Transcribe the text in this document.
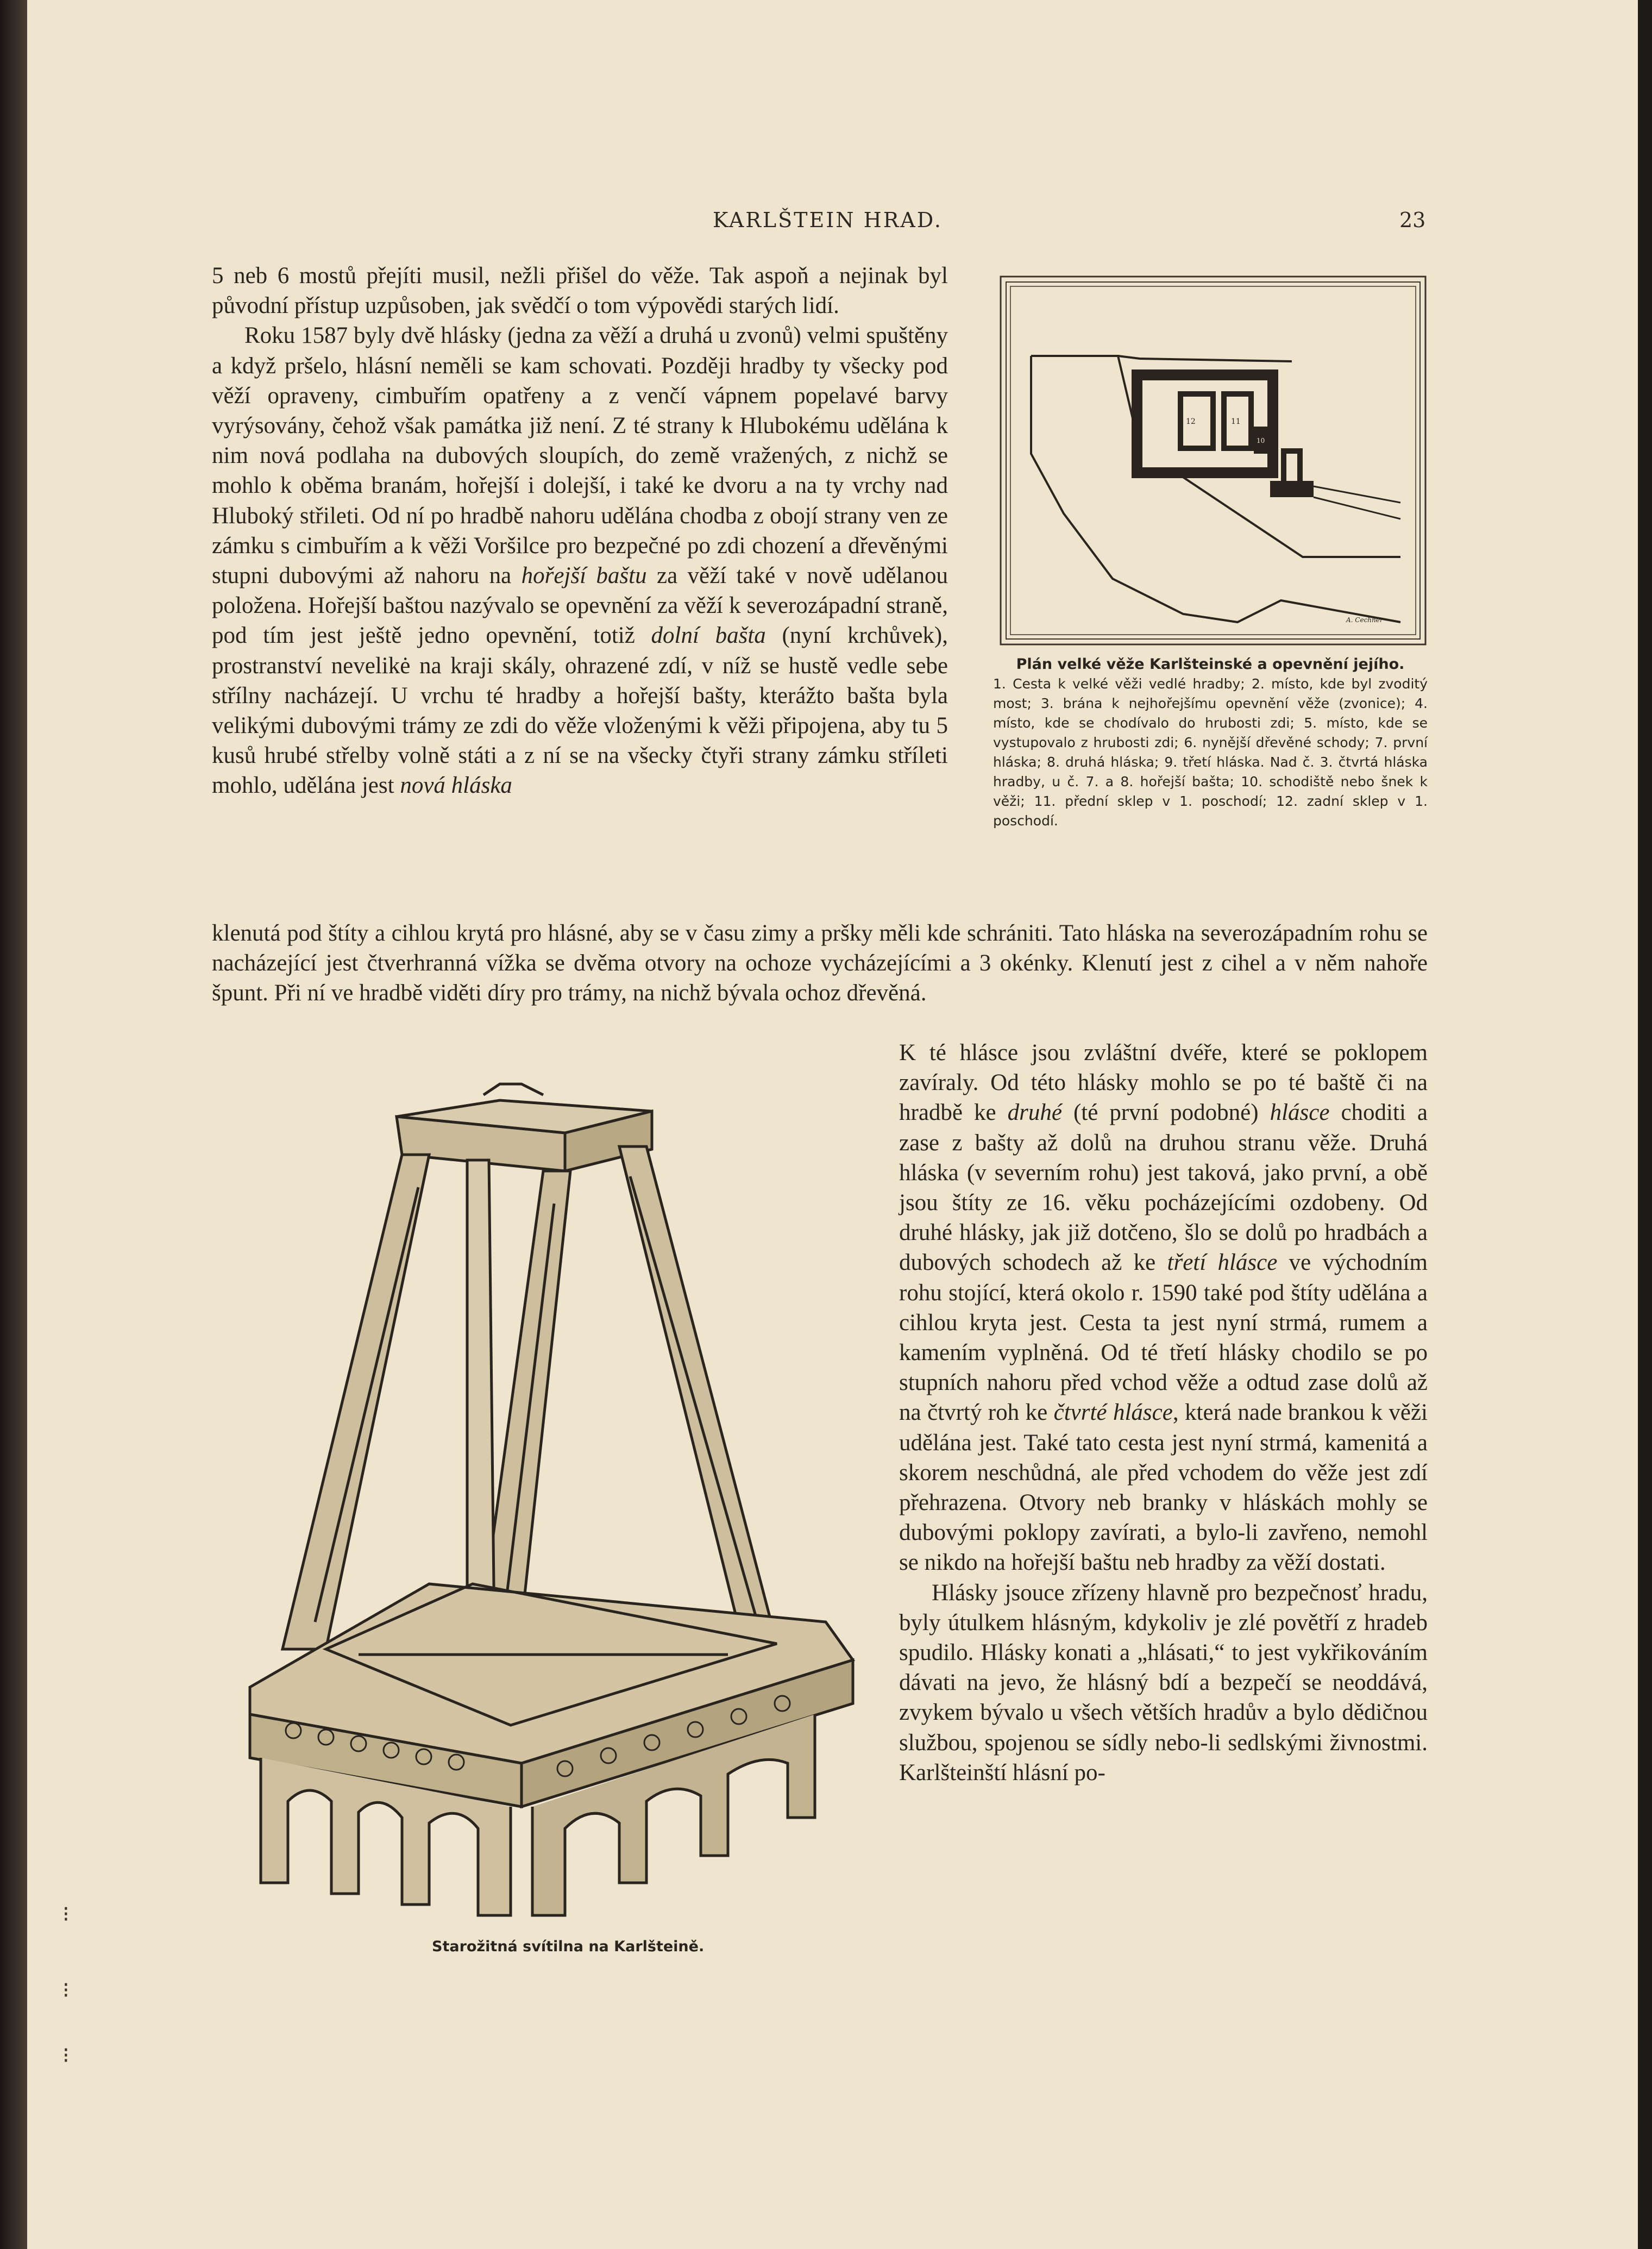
KARLŠTEIN HRAD.	23

5 neb 6 mostů přejíti musil, nežli přišel do věže. Tak aspoň a nejinak byl původní přístup uzpůsoben, jak svědčí o tom výpovědi starých lidí.

Roku 1587 byly dvě hlásky (jedna za věží a druhá u zvonů) velmi spuštěny a když pršelo, hlásní neměli se kam schovati. Později hradby ty všecky pod věží opraveny, cimbuřím opatřeny a z venčí vápnem popelavé barvy vyrýsovány, čehož však památka již není. Z té strany k Hlubokému udělána k nim nová podlaha na dubových sloupích, do země vražených, z nichž se mohlo k oběma branám, hořejší i dolejší, i také ke dvoru a na ty vrchy nad Hluboký střileti. Od ní po hradbě nahoru udělána chodba z obojí strany ven ze zámku s cimbuřím a k věži Voršilce pro bezpečné po zdi chození a dřevěnými stupni dubovými až nahoru na hořejší baštu za věží také v nově udělanou položena. Hořejší baštou nazývalo se opevnění za věží k severozápadní straně, pod tím jest ještě jedno opevnění, totiž dolní bašta (nyní krchůvek), prostranství nevelikė na kraji skály, ohrazené zdí, v níž se hustě vedle sebe střílny nacházejí. U vrchu té hradby a hořejší bašty, kterážto bašta byla velikými dubovými trámy ze zdi do věže vloženými k věži připojena, aby tu 5 kusů hrubé střelby volně státi a z ní se na všecky čtyři strany zámku stříleti mohlo, udělána jest nová hláska

klenutá pod štíty a cihlou krytá pro hlásné, aby se v času zimy a pršky měli kde schrániti. Tato hláska na severozápadním rohu se nacházející jest čtverhranná vížka se dvěma otvory na ochoze vycházejícími a 3 okénky. Klenutí jest z cihel a v něm nahoře špunt. Při ní ve hradbě viděti díry pro trámy, na nichž bývala ochoz dřevěná.

K té hlásce jsou zvláštní dvéře, které se poklopem zavíraly. Od této hlásky mohlo se po té baště či na hradbě ke druhé (té první podobné) hlásce choditi a zase z bašty až dolů na druhou stranu věže. Druhá hláska (v severním rohu) jest taková, jako první, a obě jsou štíty ze 16. věku pocházejícími ozdobeny. Od druhé hlásky, jak již dotčeno, šlo se dolů po hradbách a dubových schodech až ke třetí hlásce ve východním rohu stojící, která okolo r. 1590 také pod štíty udělána a cihlou kryta jest. Cesta ta jest nyní strmá, rumem a kamením vyplněná. Od té třetí hlásky chodilo se po stupních nahoru před vchod věže a odtud zase dolů až na čtvrtý roh ke čtvrté hlásce, která nade brankou k věži udělána jest. Také tato cesta jest nyní strmá, kamenitá a skorem neschůdná, ale před vchodem do věže jest zdí přehrazena. Otvory neb branky v hláskách mohly se dubovými poklopy zavírati, a bylo-li zavřeno, nemohl se nikdo na hořejší baštu neb hradby za věží dostati.

Hlásky jsouce zřízeny hlavně pro bezpečnosť hradu, byly útulkem hlásným, kdykoliv je zlé povětří z hradeb spudilo. Hlásky konati a „hlásati,“ to jest vykřikováním dávati na jevo, že hlásný bdí a bezpečí se neoddává, zvykem bývalo u všech větších hradův a bylo dědičnou službou, spojenou se sídly nebo-li sedlskými živnostmi. Karlšteinští hlásní po-

12	11
10
A. Cechner
Plán velké věže Karlšteinské a opevnění jejího.
1. Cesta k velké věži vedlé hradby; 2. místo, kde byl zvoditý most; 3. brána k nejhořejšímu opevnění věže (zvonice); 4. místo, kde se chodívalo do hrubosti zdi; 5. místo, kde se vystupovalo z hrubosti zdi; 6. nynější dřevěné schody; 7. první hláska; 8. druhá hláska; 9. třetí hláska. Nad č. 3. čtvrtá hláska hradby, u č. 7. a 8. hořejší bašta; 10. schodiště nebo šnek k věži; 11. přední sklep v 1. poschodí; 12. zadní sklep v 1. poschodí.
Starožitná svítilna na Karlšteině.
⁝
⁝
⁝
